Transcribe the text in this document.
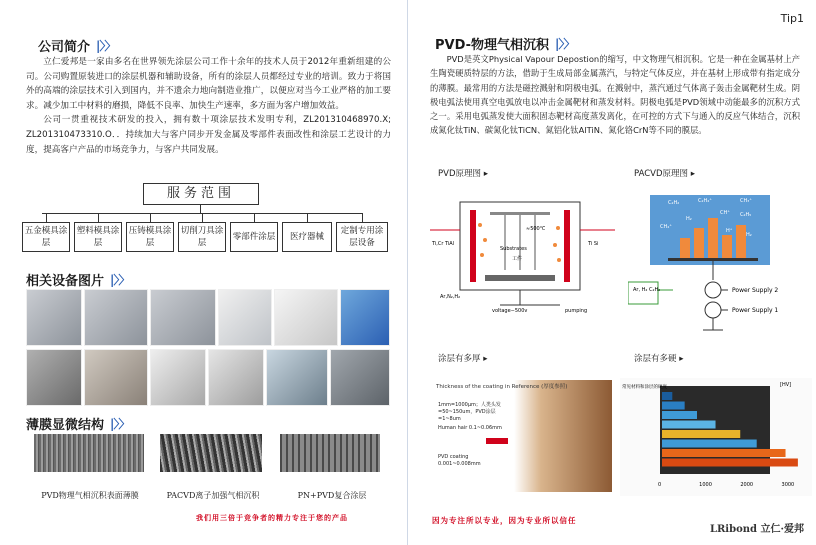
公司简介 |〉〉

立仁爱邦是一家由多名在世界领先涂层公司工作十余年的技术人员于2012年重新组建的公司。公司购置原装进口的涂层机器和辅助设备，所有的涂层人员都经过专业的培训。致力于将国外的高端的涂层技术引入到国内，并不遗余力地向制造业推广，以便应对当今工业严格的加工要求。减少加工中材料的磨损，降低不良率、加快生产速率，多方面为客户增加效益。

公司一贯重视技术研发的投入，拥有数十项涂层技术发明专利，ZL201310468970.X; ZL201310473310.O．．持续加大与客户同步开发金属及零部件表面改性和涂层工艺设计的力度，提高客户产品的市场竞争力，与客户共同发展。

服务范围
五金模具涂层
塑料模具涂层
压铸模具涂层
切削刀具涂层
零部件涂层	医疗器械
定制专用涂层设备
相关设备图片 |〉〉
薄膜显微结构 |〉〉
PVD物理气相沉积表面薄膜	PACVD离子加强气相沉积	PN+PVD复合涂层
我们用三倍于竞争者的精力专注于您的产品
Tip1
PVD-物理气相沉积 |〉〉

PVD是英文Physical Vapour Depostion的缩写，中文物理气相沉积。它是一种在金属基材上产生陶瓷硬质特层的方法，借助于生成局部金属蒸汽，与特定气体反应，并在基材上形成带有指定成分的薄膜。最常用的方法是磁控溅射和阴极电弧。在溅射中，蒸汽通过气体离子轰击金属靶材生成。阴极电弧法使用真空电弧放电以冲击金属靶材和蒸发材料。阴极电弧是PVD领域中动能最多的沉积方式之一。采用电弧蒸发使大面积固态靶材高度蒸发离化，在可控的方式下与通入的反应气体结合，沉积成氮化钛TiN、碳氮化钛TiCN、氮铝化钛AlTiN、氮化铬CrN等不同的膜层。

PVD原理图 ▸	PACVD原理图 ▸
≈500℃
Substrates
工件
Ti,Cr TiAl	Ti Si
Ar,N₂,H₂
voltage−500v	pumping
C₂H₂	C₂H₄⁺	CH₃⁺
H₂
CH⁺ C₂H₅
CH₄⁺
H⁺
H₂
Ar, H₂ C₂H₂	Power Supply 2
Power Supply 1
涂层有多厚 ▸	涂层有多硬 ▸
Thickness of the coating in Reference (厚度参照)
1mm=1000μm；人类头发=50~150um，PVD涂层=1~8um
Human hair 0.1~0.06mm
PVD coating 0.001~0.008mm
常见材料和涂层的硬度
0	1000	2000	3000
[HV]
因为专注所以专业，因为专业所以信任
LRibond 立仁·爱邦
